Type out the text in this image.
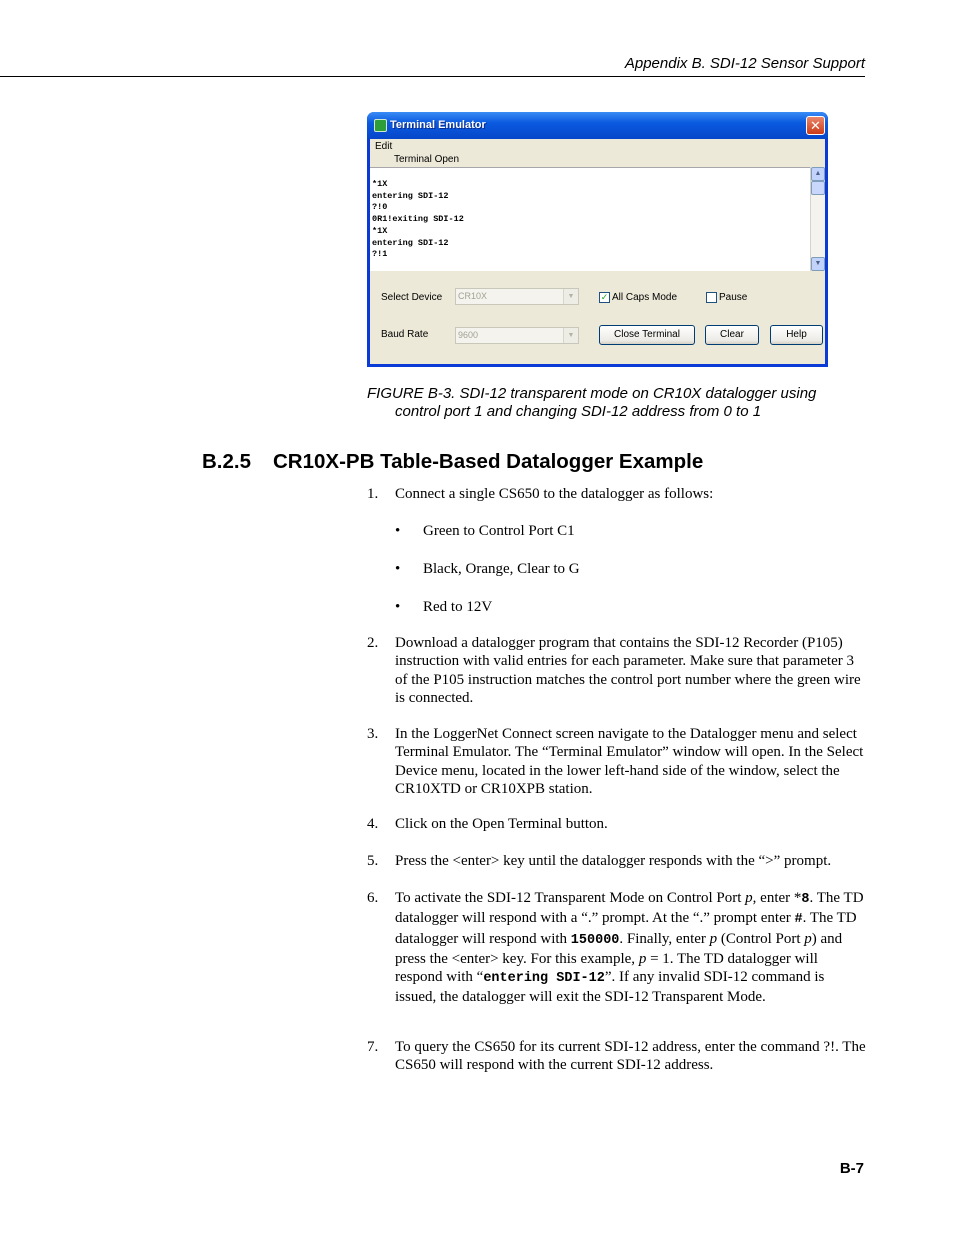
Appendix B. SDI-12 Sensor Support
Terminal Emulator	✕
Edit
Terminal Open
*1X
entering SDI-12
?!0
0R1!exiting SDI-12
*1X
entering SDI-12
?!1
▲
▼
Select Device	CR10X	▼	✓ All Caps Mode	Pause
Baud Rate	9600	▼	Close Terminal	Clear	Help
FIGURE B-3. SDI-12 transparent mode on CR10X datalogger using
control port 1 and changing SDI-12 address from 0 to 1
B.2.5 CR10X-PB Table-Based Datalogger Example
1. Connect a single CS650 to the datalogger as follows:
• Green to Control Port C1
• Black, Orange, Clear to G
• Red to 12V
2. Download a datalogger program that contains the SDI-12 Recorder (P105) instruction with valid entries for each parameter. Make sure that parameter 3 of the P105 instruction matches the control port number where the green wire is connected.
3. In the LoggerNet Connect screen navigate to the Datalogger menu and select Terminal Emulator. The “Terminal Emulator” window will open. In the Select Device menu, located in the lower left-hand side of the window, select the CR10XTD or CR10XPB station.
4. Click on the Open Terminal button.
5. Press the <enter> key until the datalogger responds with the “>” prompt.
6. To activate the SDI-12 Transparent Mode on Control Port p, enter *8. The TD datalogger will respond with a “.” prompt. At the “.” prompt enter #. The TD datalogger will respond with 150000. Finally, enter p (Control Port p) and press the <enter> key. For this example, p = 1. The TD datalogger will respond with “entering SDI-12”. If any invalid SDI-12 command is issued, the datalogger will exit the SDI-12 Transparent Mode.
7. To query the CS650 for its current SDI-12 address, enter the command ?!. The CS650 will respond with the current SDI-12 address.
B-7
